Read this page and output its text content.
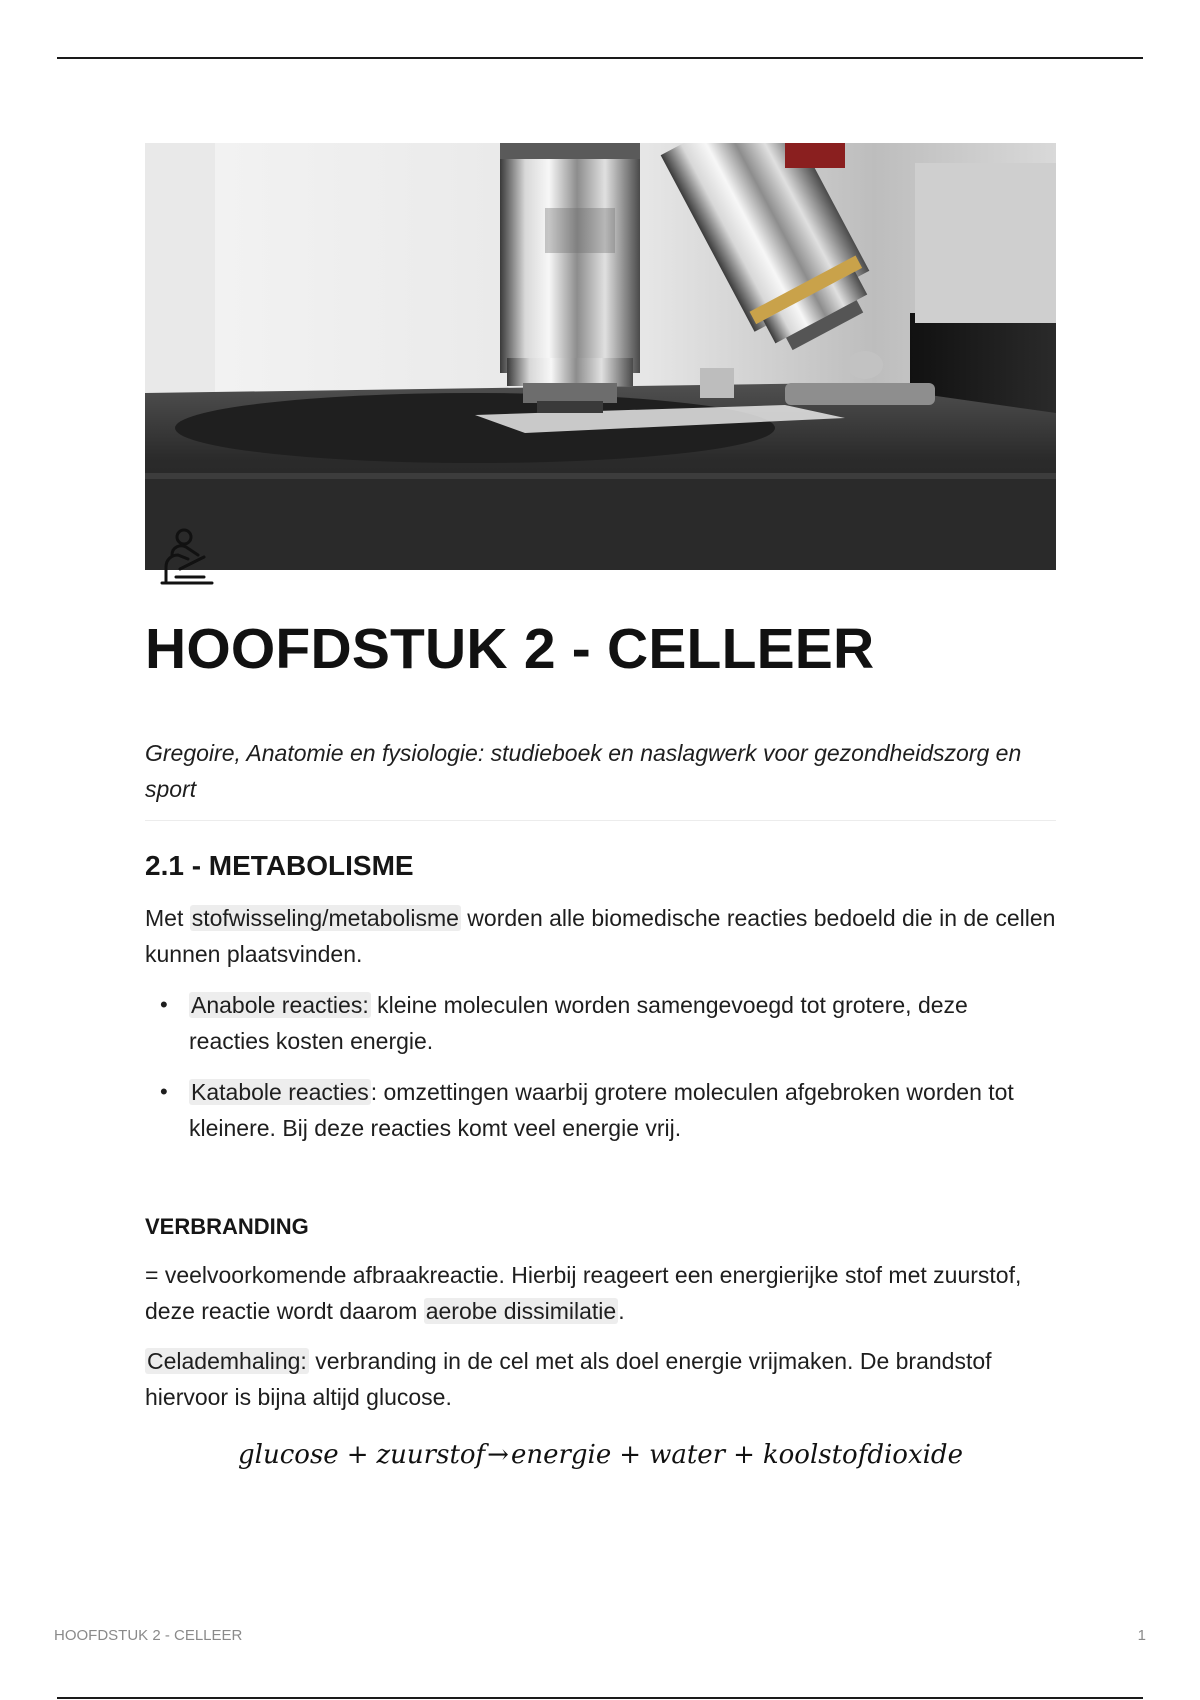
HOOFDSTUK 2 - CELLEER

Gregoire, Anatomie en fysiologie: studieboek en naslagwerk voor gezondheidszorg en sport

2.1 - METABOLISME

Met stofwisseling/metabolisme worden alle biomedische reacties bedoeld die in de cellen kunnen plaatsvinden.

• Anabole reacties: kleine moleculen worden samengevoegd tot grotere, deze reacties kosten energie.
• Katabole reacties: omzettingen waarbij grotere moleculen afgebroken worden tot kleinere. Bij deze reacties komt veel energie vrij.
VERBRANDING

= veelvoorkomende afbraakreactie. Hierbij reageert een energierijke stof met zuurstof, deze reactie wordt daarom aerobe dissimilatie.

Celademhaling: verbranding in de cel met als doel energie vrijmaken. De brandstof hiervoor is bijna altijd glucose.

glucose + zuurstof→energie + water + koolstofdioxide
HOOFDSTUK 2 - CELLEER	1
